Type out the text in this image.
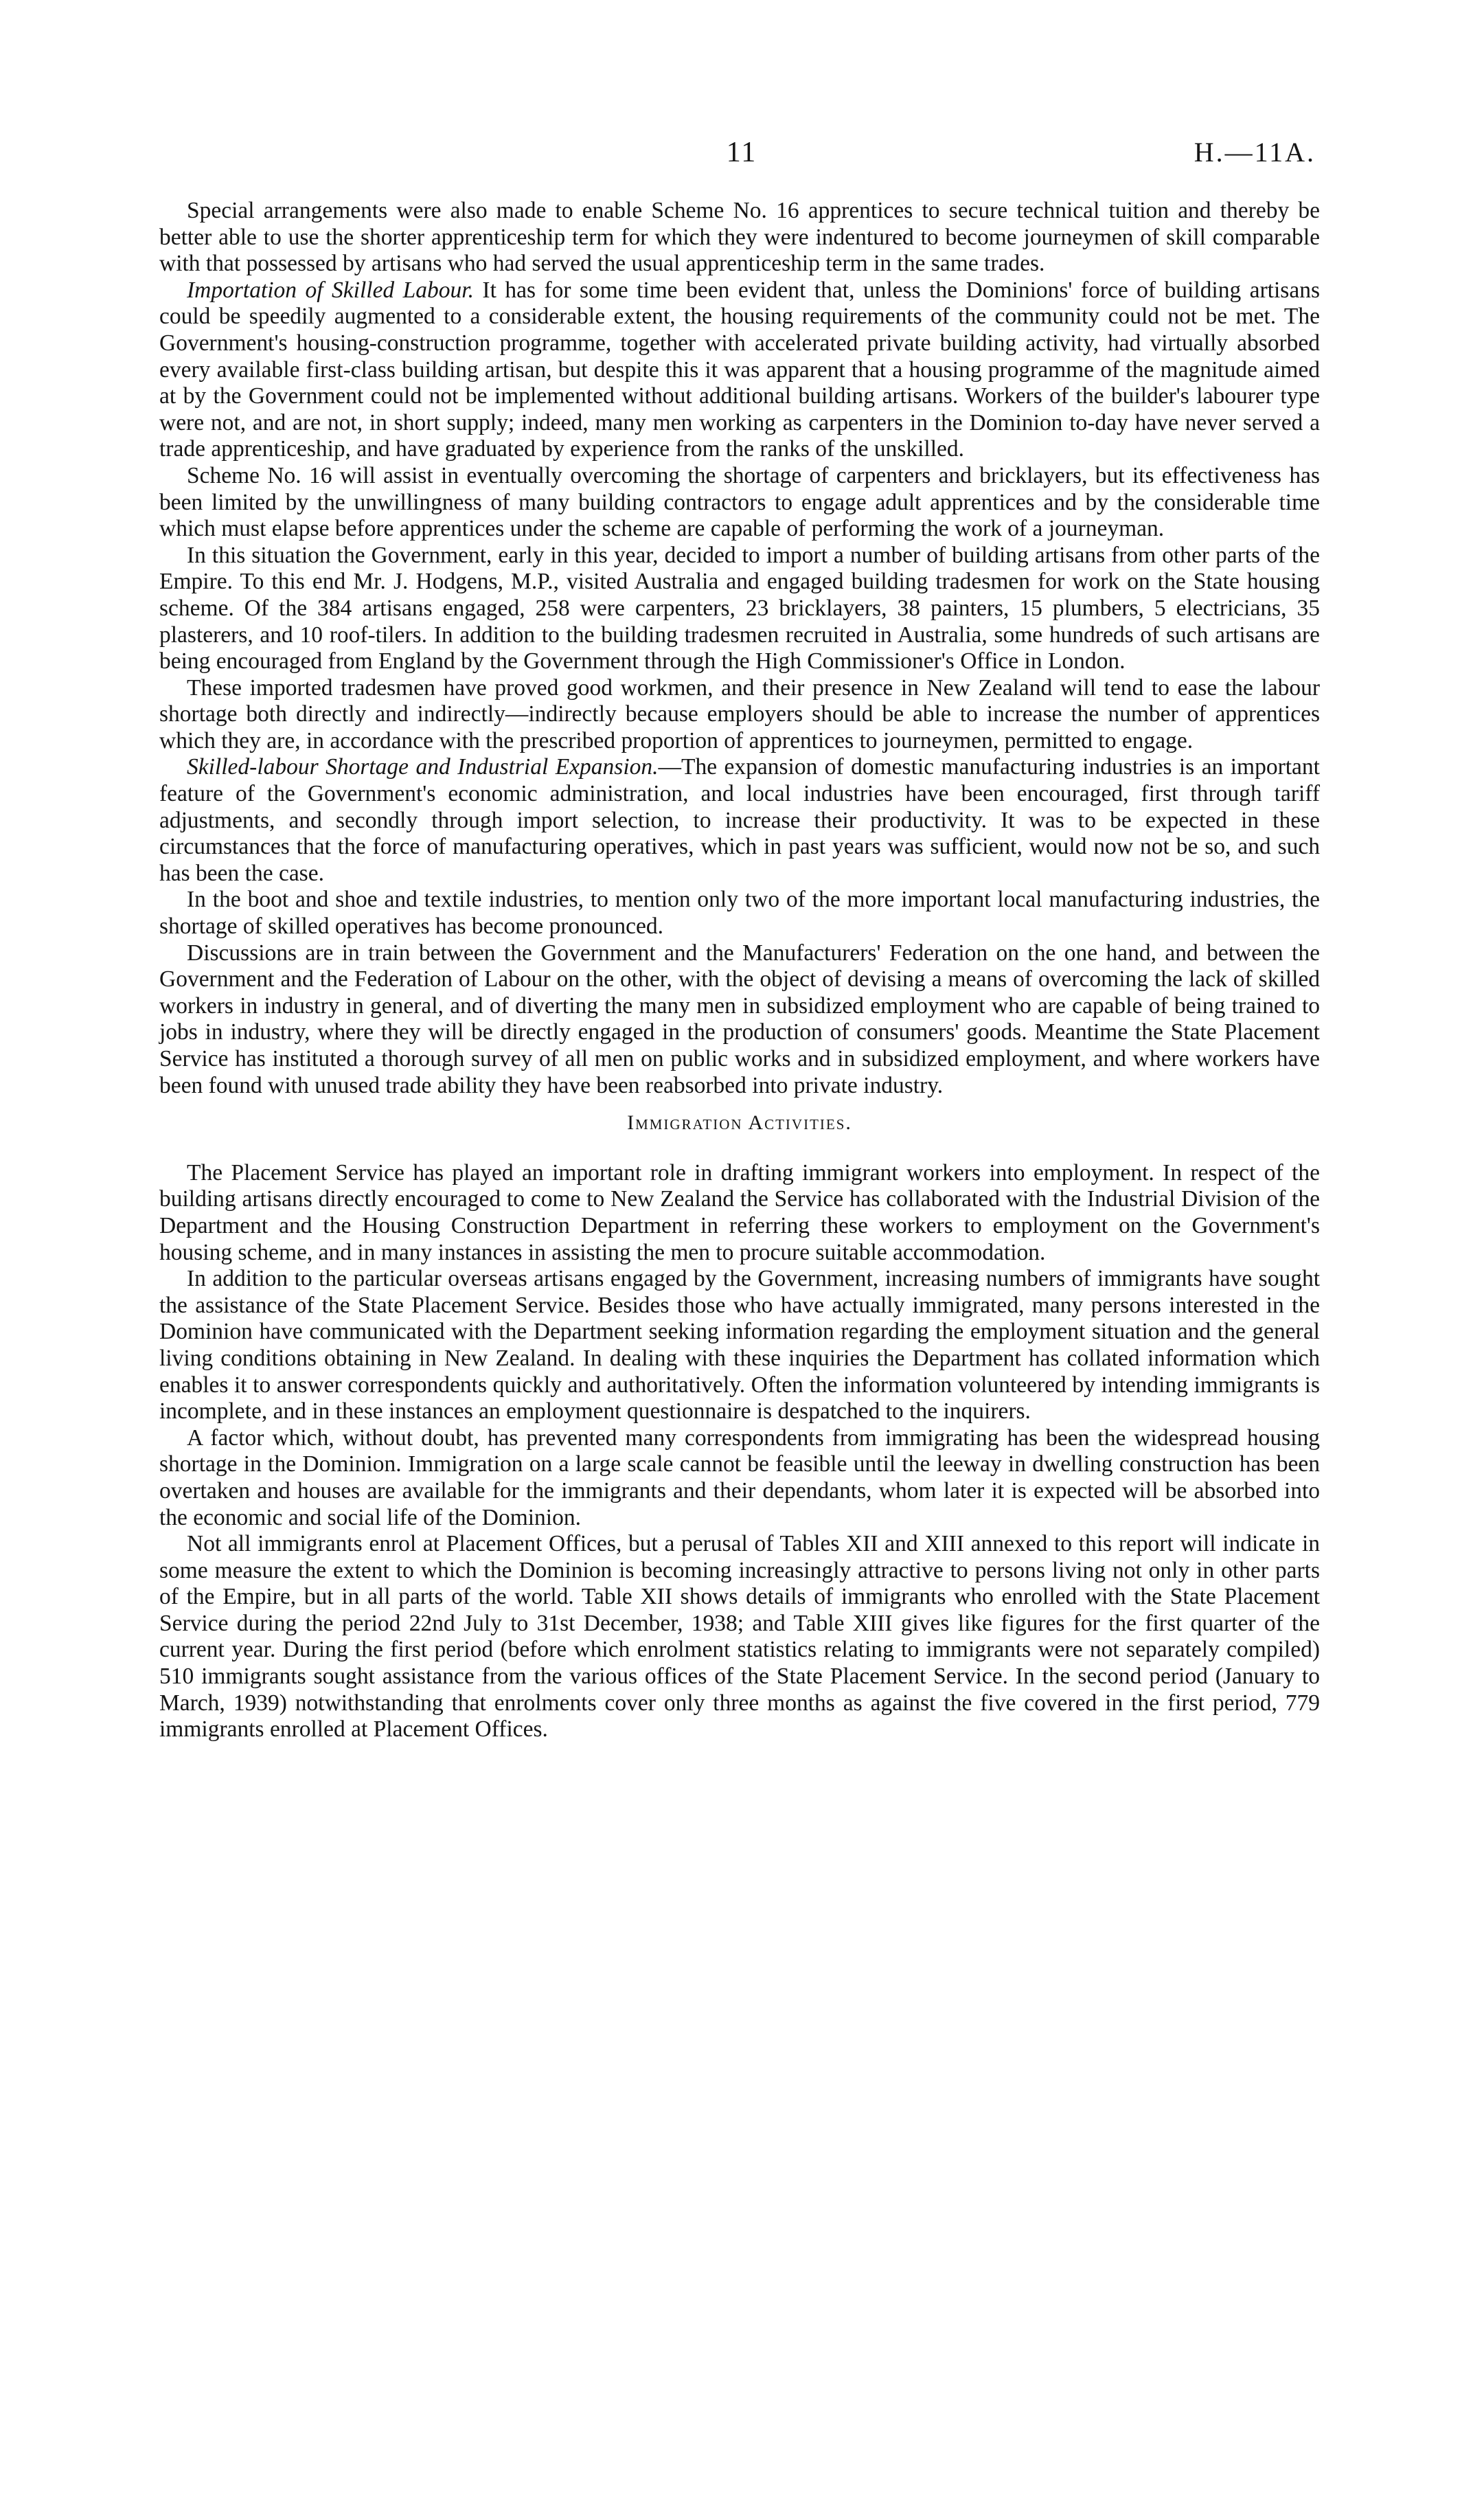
11	H.—11A.

Special arrangements were also made to enable Scheme No. 16 apprentices to secure technical tuition and thereby be better able to use the shorter apprenticeship term for which they were indentured to become journeymen of skill comparable with that possessed by artisans who had served the usual apprenticeship term in the same trades.

Importation of Skilled Labour. It has for some time been evident that, unless the Dominions' force of building artisans could be speedily augmented to a considerable extent, the housing requirements of the community could not be met. The Government's housing-construction programme, together with accelerated private building activity, had virtually absorbed every available first-class building artisan, but despite this it was apparent that a housing programme of the magnitude aimed at by the Government could not be implemented without additional building artisans. Workers of the builder's labourer type were not, and are not, in short supply; indeed, many men working as carpenters in the Dominion to-day have never served a trade apprenticeship, and have graduated by experience from the ranks of the unskilled.

Scheme No. 16 will assist in eventually overcoming the shortage of carpenters and bricklayers, but its effectiveness has been limited by the unwillingness of many building contractors to engage adult apprentices and by the considerable time which must elapse before apprentices under the scheme are capable of performing the work of a journeyman.

In this situation the Government, early in this year, decided to import a number of building artisans from other parts of the Empire. To this end Mr. J. Hodgens, M.P., visited Australia and engaged building tradesmen for work on the State housing scheme. Of the 384 artisans engaged, 258 were carpenters, 23 bricklayers, 38 painters, 15 plumbers, 5 electricians, 35 plasterers, and 10 roof-tilers. In addition to the building tradesmen recruited in Australia, some hundreds of such artisans are being encouraged from England by the Government through the High Commissioner's Office in London.

These imported tradesmen have proved good workmen, and their presence in New Zealand will tend to ease the labour shortage both directly and indirectly—indirectly because employers should be able to increase the number of apprentices which they are, in accordance with the prescribed proportion of apprentices to journeymen, permitted to engage.

Skilled-labour Shortage and Industrial Expansion.—The expansion of domestic manufacturing industries is an important feature of the Government's economic administration, and local industries have been encouraged, first through tariff adjustments, and secondly through import selection, to increase their productivity. It was to be expected in these circumstances that the force of manufacturing operatives, which in past years was sufficient, would now not be so, and such has been the case.

In the boot and shoe and textile industries, to mention only two of the more important local manufacturing industries, the shortage of skilled operatives has become pronounced.

Discussions are in train between the Government and the Manufacturers' Federation on the one hand, and between the Government and the Federation of Labour on the other, with the object of devising a means of overcoming the lack of skilled workers in industry in general, and of diverting the many men in subsidized employment who are capable of being trained to jobs in industry, where they will be directly engaged in the production of consumers' goods. Meantime the State Placement Service has instituted a thorough survey of all men on public works and in subsidized employment, and where workers have been found with unused trade ability they have been reabsorbed into private industry.

Immigration Activities.

The Placement Service has played an important role in drafting immigrant workers into employment. In respect of the building artisans directly encouraged to come to New Zealand the Service has collaborated with the Industrial Division of the Department and the Housing Construction Department in referring these workers to employment on the Government's housing scheme, and in many instances in assisting the men to procure suitable accommodation.

In addition to the particular overseas artisans engaged by the Government, increasing numbers of immigrants have sought the assistance of the State Placement Service. Besides those who have actually immigrated, many persons interested in the Dominion have communicated with the Department seeking information regarding the employment situation and the general living conditions obtaining in New Zealand. In dealing with these inquiries the Department has collated information which enables it to answer correspondents quickly and authoritatively. Often the information volunteered by intending immigrants is incomplete, and in these instances an employment questionnaire is despatched to the inquirers.

A factor which, without doubt, has prevented many correspondents from immigrating has been the widespread housing shortage in the Dominion. Immigration on a large scale cannot be feasible until the leeway in dwelling construction has been overtaken and houses are available for the immigrants and their dependants, whom later it is expected will be absorbed into the economic and social life of the Dominion.

Not all immigrants enrol at Placement Offices, but a perusal of Tables XII and XIII annexed to this report will indicate in some measure the extent to which the Dominion is becoming increasingly attractive to persons living not only in other parts of the Empire, but in all parts of the world. Table XII shows details of immigrants who enrolled with the State Placement Service during the period 22nd July to 31st December, 1938; and Table XIII gives like figures for the first quarter of the current year. During the first period (before which enrolment statistics relating to immigrants were not separately compiled) 510 immigrants sought assistance from the various offices of the State Placement Service. In the second period (January to March, 1939) notwithstanding that enrolments cover only three months as against the five covered in the first period, 779 immigrants enrolled at Placement Offices.
